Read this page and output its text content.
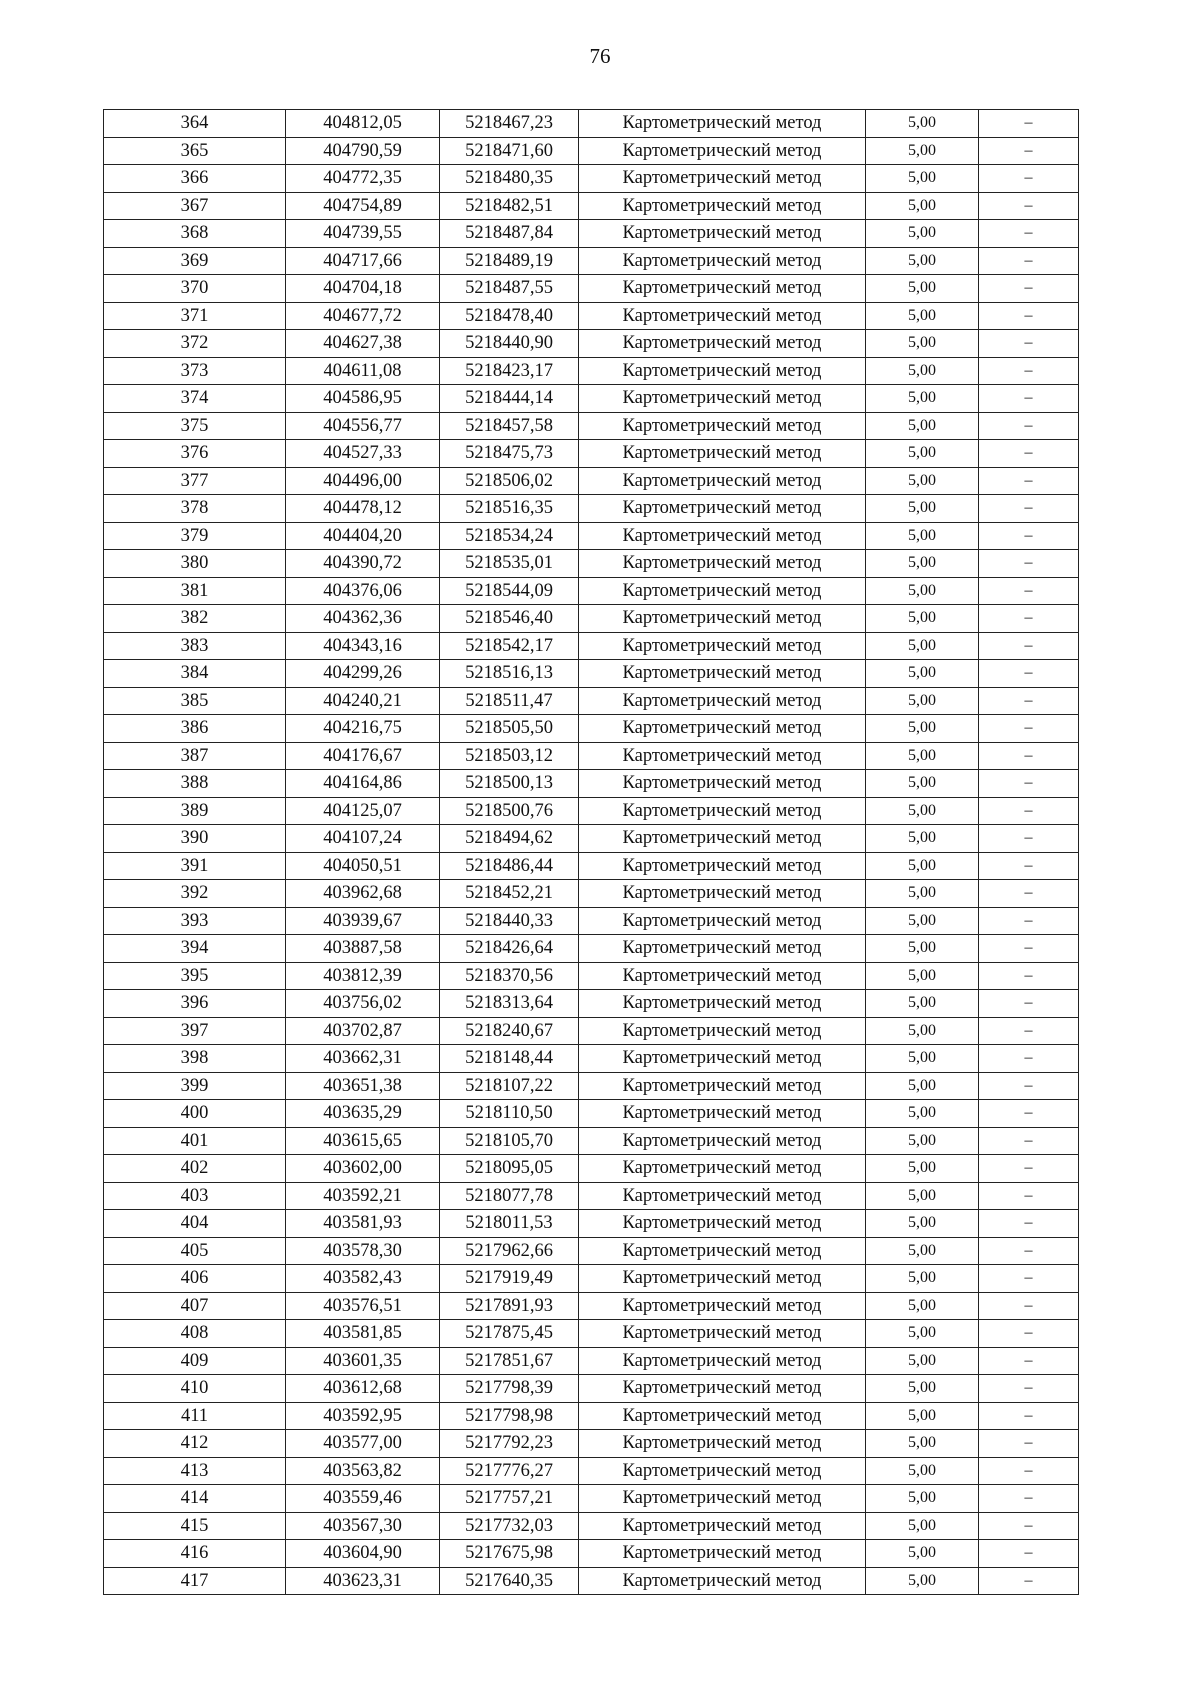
76
364	404812,05	5218467,23	Картометрический метод	5,00	–
365	404790,59	5218471,60	Картометрический метод	5,00	–
366	404772,35	5218480,35	Картометрический метод	5,00	–
367	404754,89	5218482,51	Картометрический метод	5,00	–
368	404739,55	5218487,84	Картометрический метод	5,00	–
369	404717,66	5218489,19	Картометрический метод	5,00	–
370	404704,18	5218487,55	Картометрический метод	5,00	–
371	404677,72	5218478,40	Картометрический метод	5,00	–
372	404627,38	5218440,90	Картометрический метод	5,00	–
373	404611,08	5218423,17	Картометрический метод	5,00	–
374	404586,95	5218444,14	Картометрический метод	5,00	–
375	404556,77	5218457,58	Картометрический метод	5,00	–
376	404527,33	5218475,73	Картометрический метод	5,00	–
377	404496,00	5218506,02	Картометрический метод	5,00	–
378	404478,12	5218516,35	Картометрический метод	5,00	–
379	404404,20	5218534,24	Картометрический метод	5,00	–
380	404390,72	5218535,01	Картометрический метод	5,00	–
381	404376,06	5218544,09	Картометрический метод	5,00	–
382	404362,36	5218546,40	Картометрический метод	5,00	–
383	404343,16	5218542,17	Картометрический метод	5,00	–
384	404299,26	5218516,13	Картометрический метод	5,00	–
385	404240,21	5218511,47	Картометрический метод	5,00	–
386	404216,75	5218505,50	Картометрический метод	5,00	–
387	404176,67	5218503,12	Картометрический метод	5,00	–
388	404164,86	5218500,13	Картометрический метод	5,00	–
389	404125,07	5218500,76	Картометрический метод	5,00	–
390	404107,24	5218494,62	Картометрический метод	5,00	–
391	404050,51	5218486,44	Картометрический метод	5,00	–
392	403962,68	5218452,21	Картометрический метод	5,00	–
393	403939,67	5218440,33	Картометрический метод	5,00	–
394	403887,58	5218426,64	Картометрический метод	5,00	–
395	403812,39	5218370,56	Картометрический метод	5,00	–
396	403756,02	5218313,64	Картометрический метод	5,00	–
397	403702,87	5218240,67	Картометрический метод	5,00	–
398	403662,31	5218148,44	Картометрический метод	5,00	–
399	403651,38	5218107,22	Картометрический метод	5,00	–
400	403635,29	5218110,50	Картометрический метод	5,00	–
401	403615,65	5218105,70	Картометрический метод	5,00	–
402	403602,00	5218095,05	Картометрический метод	5,00	–
403	403592,21	5218077,78	Картометрический метод	5,00	–
404	403581,93	5218011,53	Картометрический метод	5,00	–
405	403578,30	5217962,66	Картометрический метод	5,00	–
406	403582,43	5217919,49	Картометрический метод	5,00	–
407	403576,51	5217891,93	Картометрический метод	5,00	–
408	403581,85	5217875,45	Картометрический метод	5,00	–
409	403601,35	5217851,67	Картометрический метод	5,00	–
410	403612,68	5217798,39	Картометрический метод	5,00	–
411	403592,95	5217798,98	Картометрический метод	5,00	–
412	403577,00	5217792,23	Картометрический метод	5,00	–
413	403563,82	5217776,27	Картометрический метод	5,00	–
414	403559,46	5217757,21	Картометрический метод	5,00	–
415	403567,30	5217732,03	Картометрический метод	5,00	–
416	403604,90	5217675,98	Картометрический метод	5,00	–
417	403623,31	5217640,35	Картометрический метод	5,00	–
